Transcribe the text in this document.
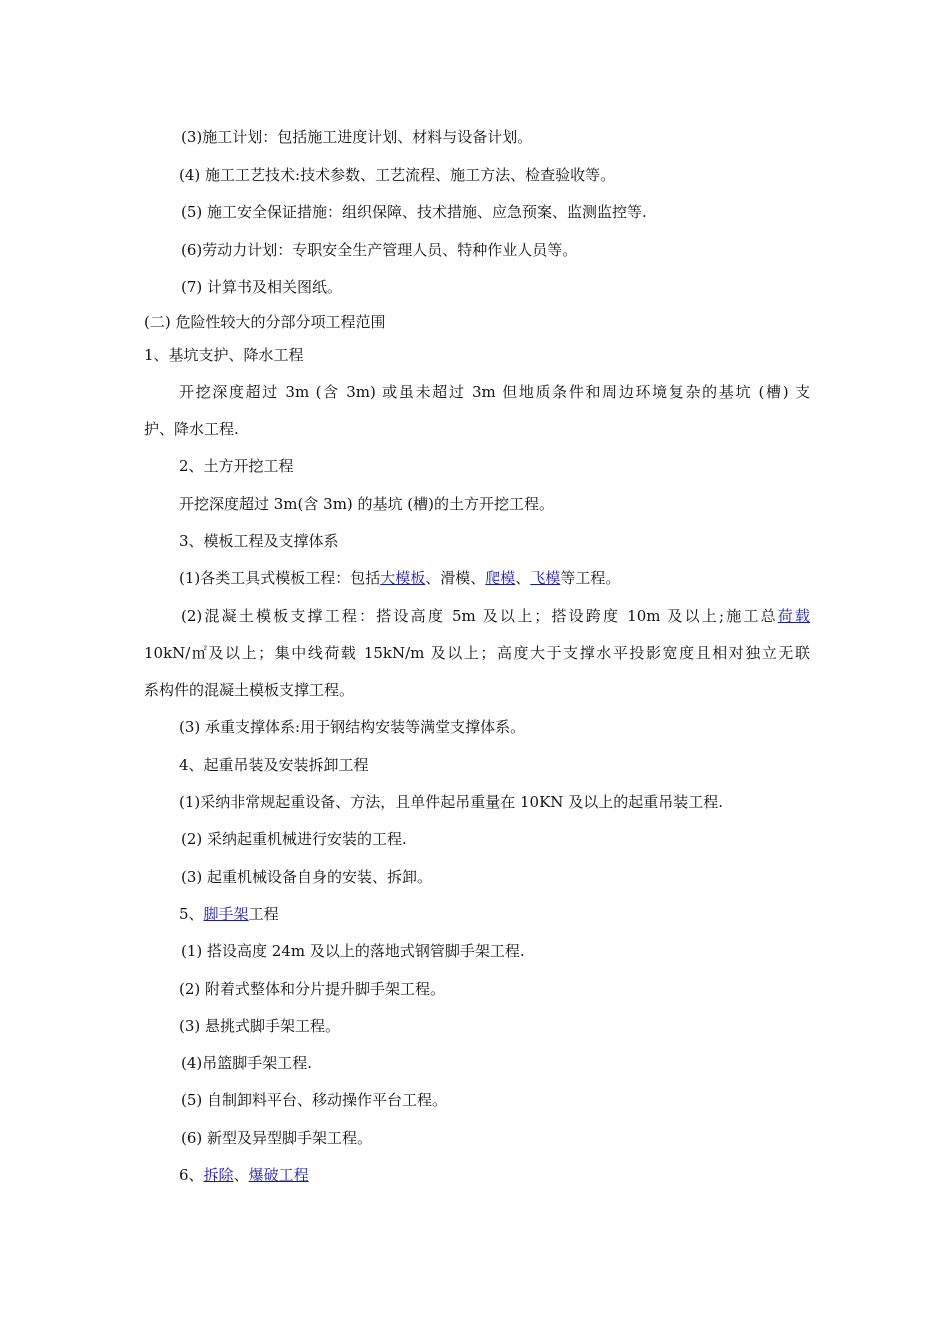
(3)施工计划：包括施工进度计划、材料与设备计划。
(4) 施工工艺技术:技术参数、工艺流程、施工方法、检查验收等。
(5) 施工安全保证措施：组织保障、技术措施、应急预案、监测监控等.
(6)劳动力计划：专职安全生产管理人员、特种作业人员等。
(7) 计算书及相关图纸。
(二) 危险性较大的分部分项工程范围
1、基坑支护、降水工程
开挖深度超过 3m (含 3m) 或虽未超过 3m 但地质条件和周边环境复杂的基坑 (槽) 支
护、降水工程.
2、土方开挖工程
开挖深度超过 3m(含 3m) 的基坑 (槽)的土方开挖工程。
3、模板工程及支撑体系
(1)各类工具式模板工程：包括大模板、滑模、爬模、飞模等工程。
(2)混凝土模板支撑工程：搭设高度 5m 及以上；搭设跨度 10m 及以上;施工总荷载
10kN/㎡及以上；集中线荷载 15kN/m 及以上；高度大于支撑水平投影宽度且相对独立无联
系构件的混凝土模板支撑工程。
(3) 承重支撑体系:用于钢结构安装等满堂支撑体系。
4、起重吊装及安装拆卸工程
(1)采纳非常规起重设备、方法，且单件起吊重量在 10KN 及以上的起重吊装工程.
(2) 采纳起重机械进行安装的工程.
(3) 起重机械设备自身的安装、拆卸。
5、脚手架工程
(1) 搭设高度 24m 及以上的落地式钢管脚手架工程.
(2) 附着式整体和分片提升脚手架工程。
(3) 悬挑式脚手架工程。
(4)吊篮脚手架工程.
(5) 自制卸料平台、移动操作平台工程。
(6) 新型及异型脚手架工程。
6、拆除、爆破工程
